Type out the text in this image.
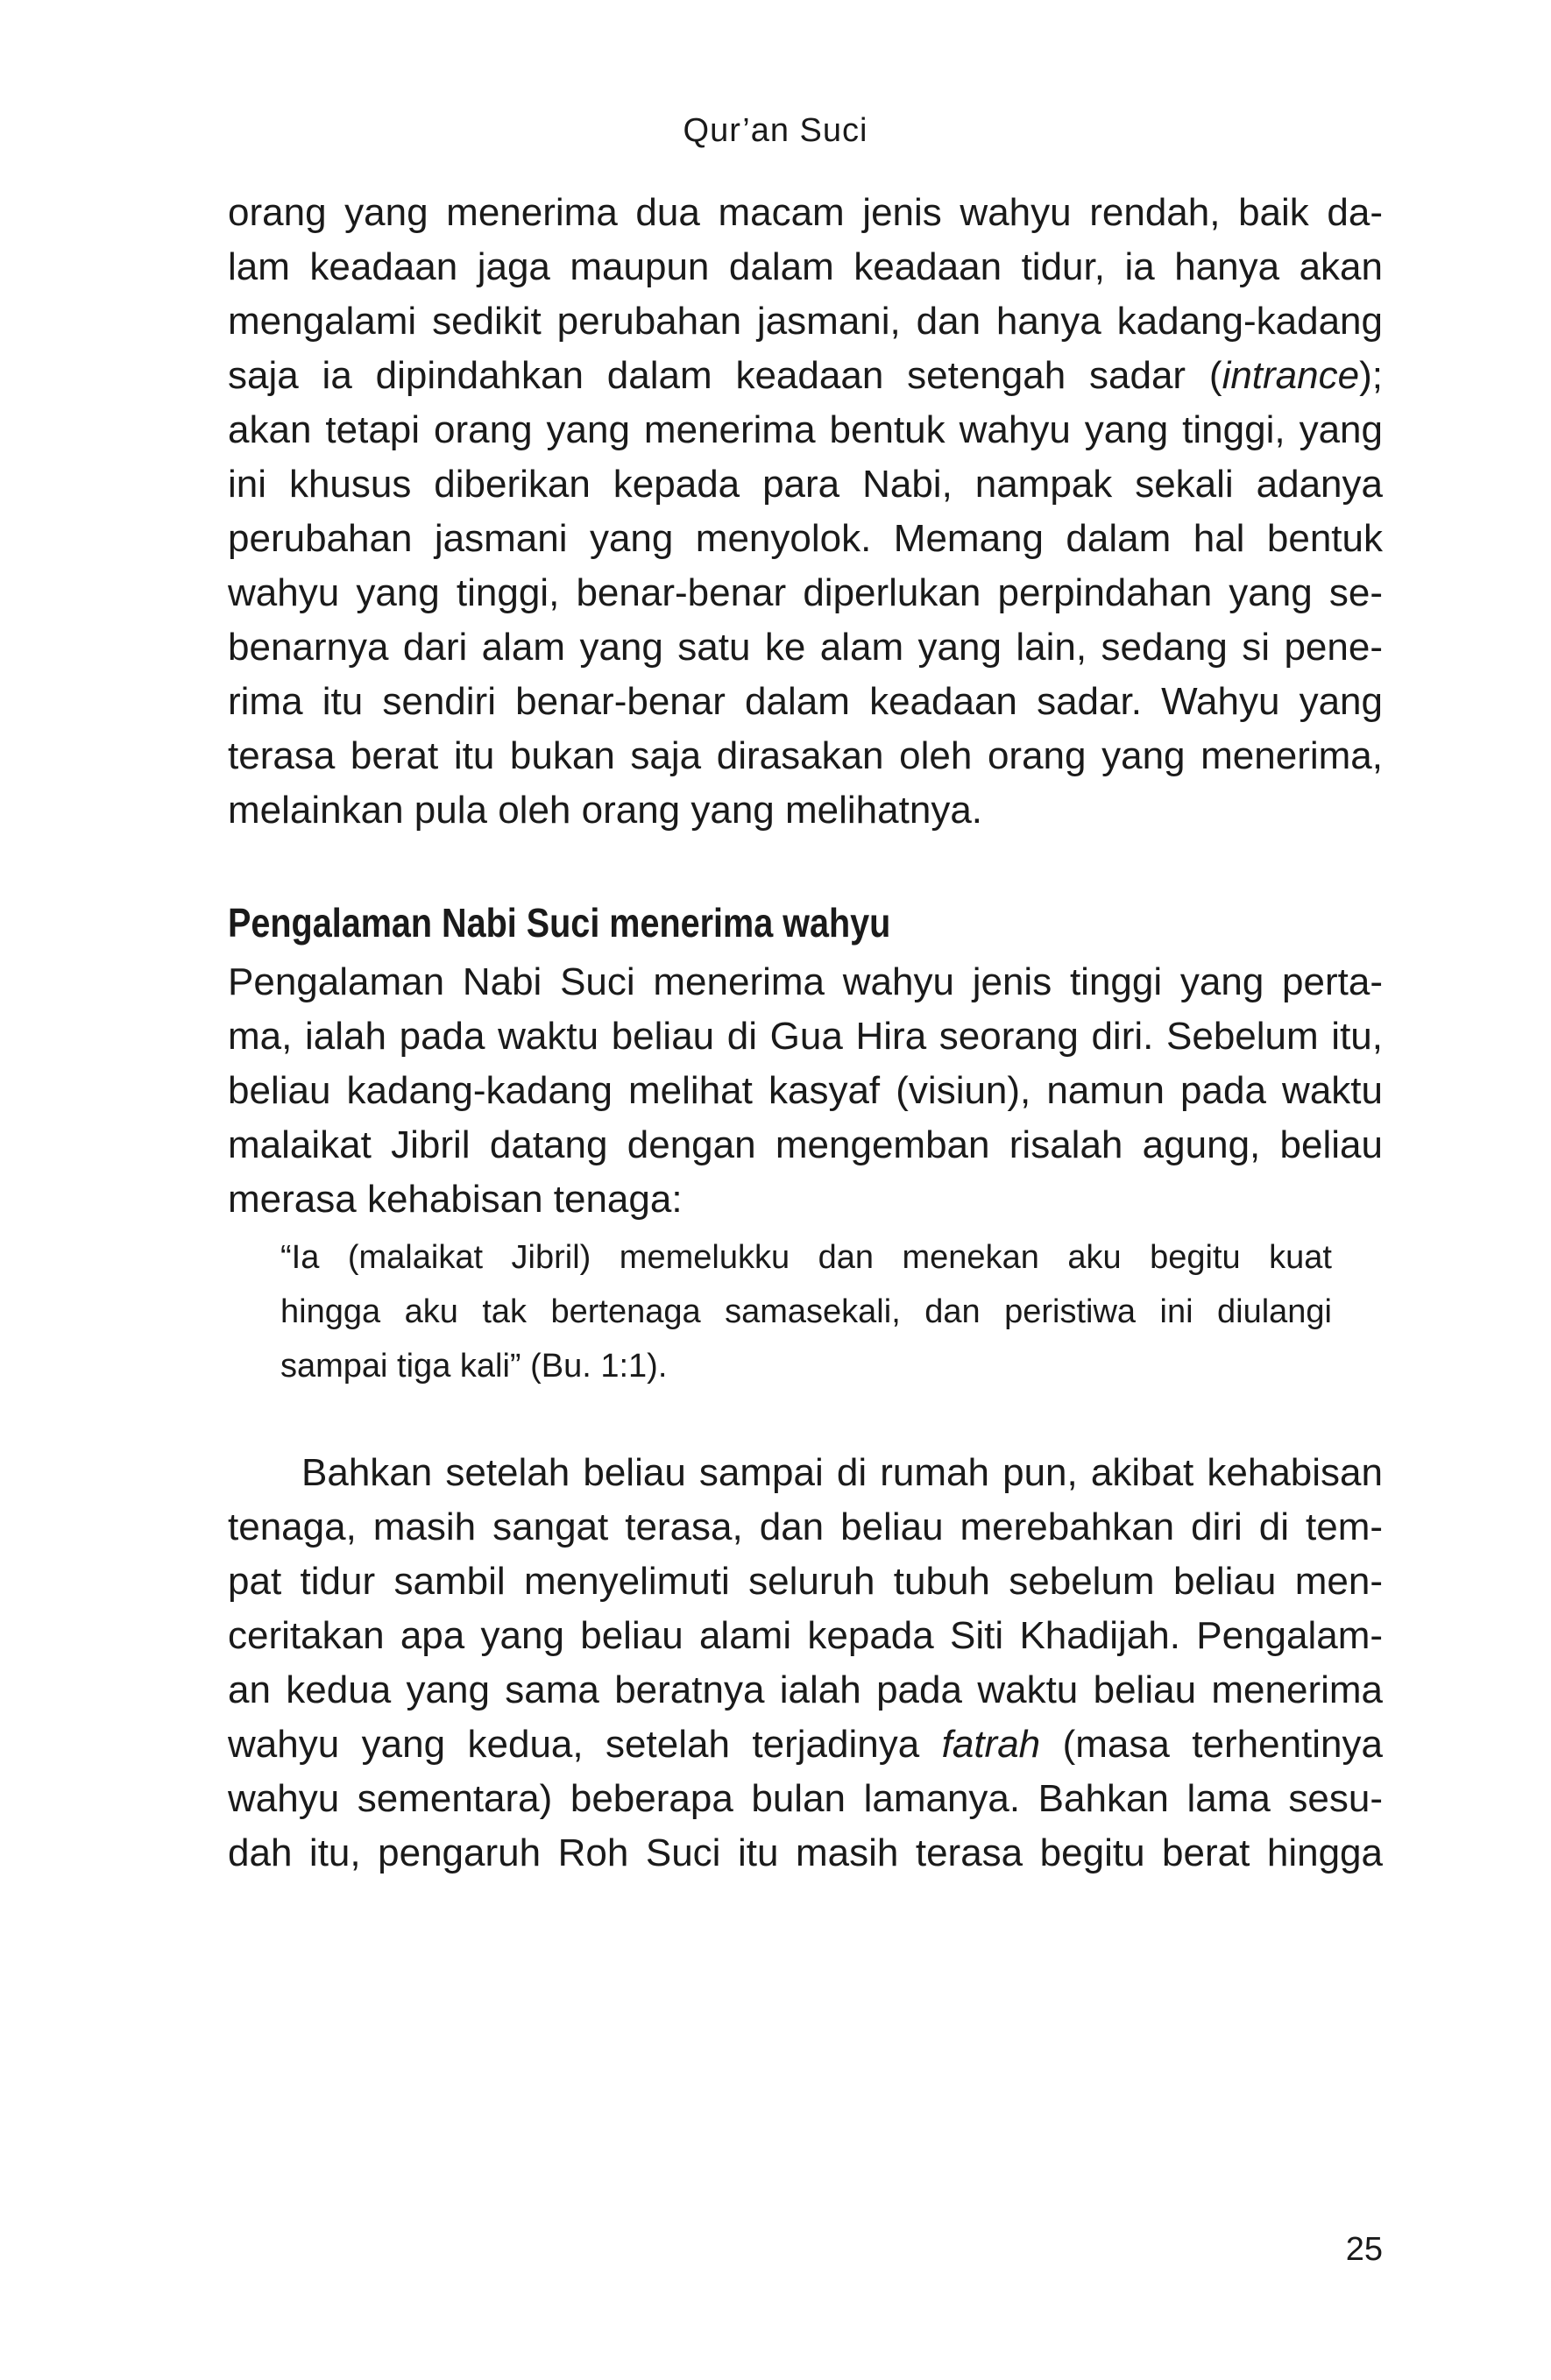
Qur’an Suci
orang yang menerima dua macam jenis wahyu rendah, baik da-
lam keadaan jaga maupun dalam keadaan tidur, ia hanya akan
mengalami sedikit perubahan jasmani, dan hanya kadang-kadang
saja ia dipindahkan dalam keadaan setengah sadar (intrance);
akan tetapi orang yang menerima bentuk wahyu yang tinggi, yang
ini khusus diberikan kepada para Nabi, nampak sekali adanya
perubahan jasmani yang menyolok. Memang dalam hal bentuk
wahyu yang tinggi, benar-benar diperlukan perpindahan yang se-
benarnya dari alam yang satu ke alam yang lain, sedang si pene-
rima itu sendiri benar-benar dalam keadaan sadar. Wahyu yang
terasa berat itu bukan saja dirasakan oleh orang yang menerima,
melainkan pula oleh orang yang melihatnya.
Pengalaman Nabi Suci menerima wahyu
Pengalaman Nabi Suci menerima wahyu jenis tinggi yang perta-
ma, ialah pada waktu beliau di Gua Hira seorang diri. Sebelum itu,
beliau kadang-kadang melihat kasyaf (visiun), namun pada waktu
malaikat Jibril datang dengan mengemban risalah agung, beliau
merasa kehabisan tenaga:
“Ia (malaikat Jibril) memelukku dan menekan aku begitu kuat
hingga aku tak bertenaga samasekali, dan peristiwa ini diulangi
sampai tiga kali” (Bu. 1:1).
Bahkan setelah beliau sampai di rumah pun, akibat kehabisan
tenaga, masih sangat terasa, dan beliau merebahkan diri di tem-
pat tidur sambil menyelimuti seluruh tubuh sebelum beliau men-
ceritakan apa yang beliau alami kepada Siti Khadijah. Pengalam-
an kedua yang sama beratnya ialah pada waktu beliau menerima
wahyu yang kedua, setelah terjadinya fatrah (masa terhentinya
wahyu sementara) beberapa bulan lamanya. Bahkan lama sesu-
dah itu, pengaruh Roh Suci itu masih terasa begitu berat hingga
25
